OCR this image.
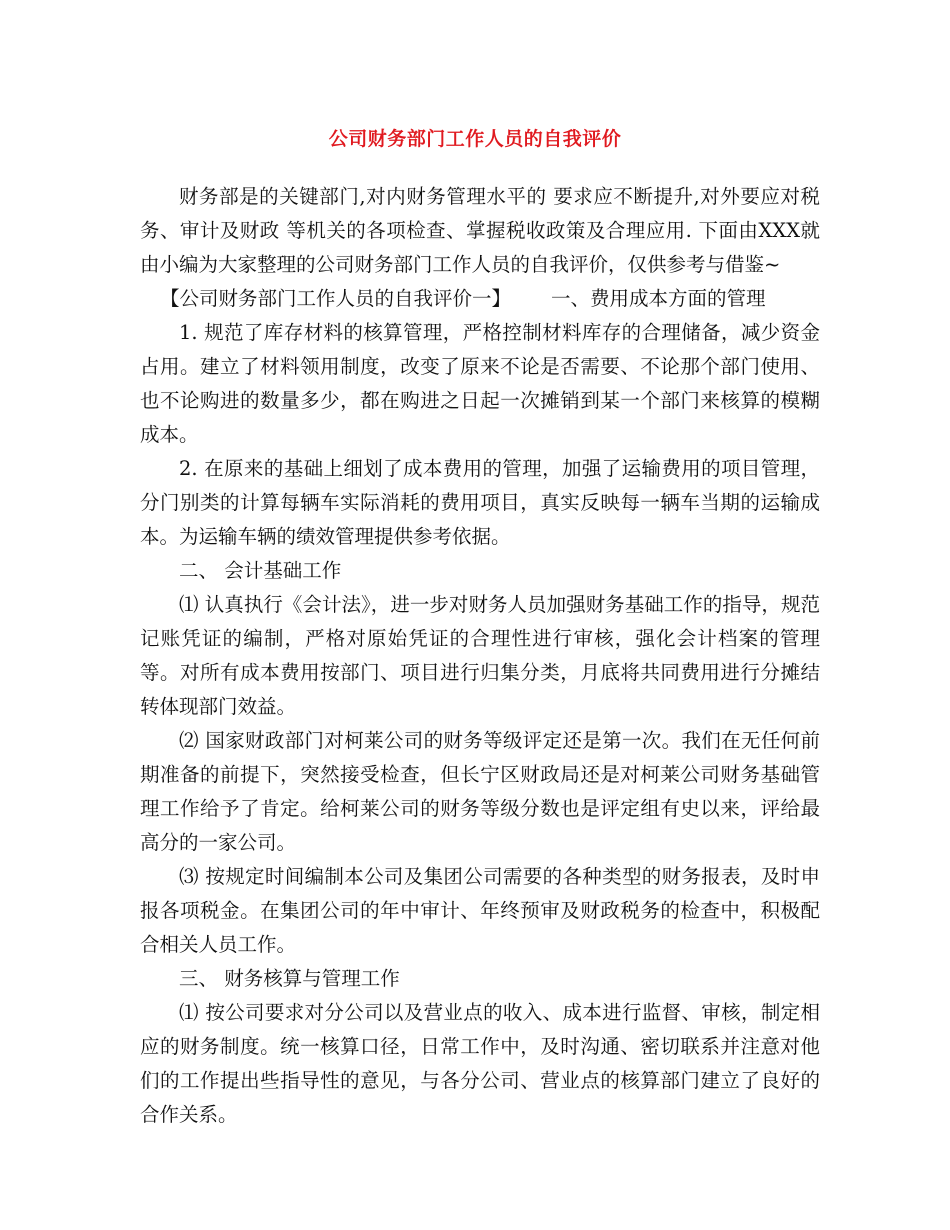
公司财务部门工作人员的自我评价

财务部是的关键部门,对内财务管理水平的 要求应不断提升,对外要应对税务、审计及财政 等机关的各项检查、掌握税收政策及合理应用. 下面由XXX就由小编为大家整理的公司财务部门工作人员的自我评价，仅供参考与借鉴~

【公司财务部门工作人员的自我评价一】 一、费用成本方面的管理

1. 规范了库存材料的核算管理，严格控制材料库存的合理储备，减少资金占用。建立了材料领用制度，改变了原来不论是否需要、不论那个部门使用、也不论购进的数量多少，都在购进之日起一次摊销到某一个部门来核算的模糊成本。

2. 在原来的基础上细划了成本费用的管理，加强了运输费用的项目管理，分门别类的计算每辆车实际消耗的费用项目，真实反映每一辆车当期的运输成本。为运输车辆的绩效管理提供参考依据。

二、 会计基础工作

⑴ 认真执行《会计法》，进一步对财务人员加强财务基础工作的指导，规范记账凭证的编制，严格对原始凭证的合理性进行审核，强化会计档案的管理等。对所有成本费用按部门、项目进行归集分类，月底将共同费用进行分摊结转体现部门效益。

⑵ 国家财政部门对柯莱公司的财务等级评定还是第一次。我们在无任何前期准备的前提下，突然接受检查，但长宁区财政局还是对柯莱公司财务基础管理工作给予了肯定。给柯莱公司的财务等级分数也是评定组有史以来，评给最高分的一家公司。

⑶ 按规定时间编制本公司及集团公司需要的各种类型的财务报表，及时申报各项税金。在集团公司的年中审计、年终预审及财政税务的检查中，积极配合相关人员工作。

三、 财务核算与管理工作

⑴ 按公司要求对分公司以及营业点的收入、成本进行监督、审核，制定相应的财务制度。统一核算口径，日常工作中，及时沟通、密切联系并注意对他们的工作提出些指导性的意见，与各分公司、营业点的核算部门建立了良好的合作关系。
